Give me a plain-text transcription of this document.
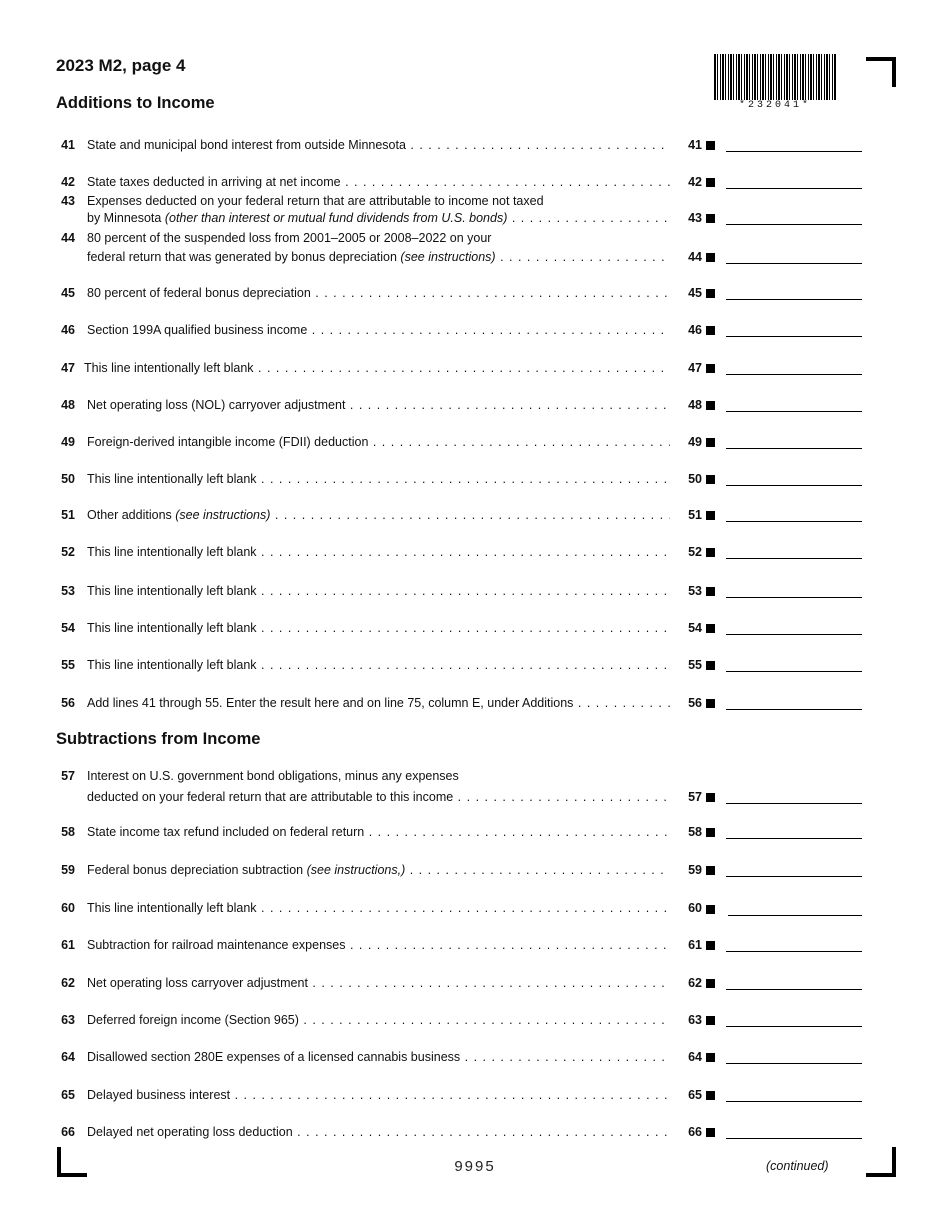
2023 M2, page 4
*232041*
Additions to Income
41 State and municipal bond interest from outside Minnesota . . .	41
42 State taxes deducted in arriving at net income . . .	42
43 Expenses deducted on your federal return that are attributable to income not taxed
by Minnesota (other than interest or mutual fund dividends from U.S. bonds) . . .	43
44 80 percent of the suspended loss from 2001–2005 or 2008–2022 on your
federal return that was generated by bonus depreciation (see instructions) . . .	44
45 80 percent of federal bonus depreciation . . .	45
46 Section 199A qualified business income . . .	46
47 This line intentionally left blank . . .	47
48 Net operating loss (NOL) carryover adjustment . . .	48
49 Foreign-derived intangible income (FDII) deduction . . .	49
50 This line intentionally left blank . . .	50
51 Other additions (see instructions) . . .	51
52 This line intentionally left blank . . .	52
53 This line intentionally left blank . . .	53
54 This line intentionally left blank . . .	54
55 This line intentionally left blank . . .	55
56 Add lines 41 through 55. Enter the result here and on line 75, column E, under Additions . . .	56
Subtractions from Income
57 Interest on U.S. government bond obligations, minus any expenses
deducted on your federal return that are attributable to this income . . .	57
58 State income tax refund included on federal return . . .	58
59 Federal bonus depreciation subtraction (see instructions,) . . .	59
60 This line intentionally left blank . . .	60
61 Subtraction for railroad maintenance expenses . . .	61
62 Net operating loss carryover adjustment . . .	62
63 Deferred foreign income (Section 965) . . .	63
64 Disallowed section 280E expenses of a licensed cannabis business . . .	64
65 Delayed business interest . . .	65
66 Delayed net operating loss deduction . . .	66
9995	(continued)
